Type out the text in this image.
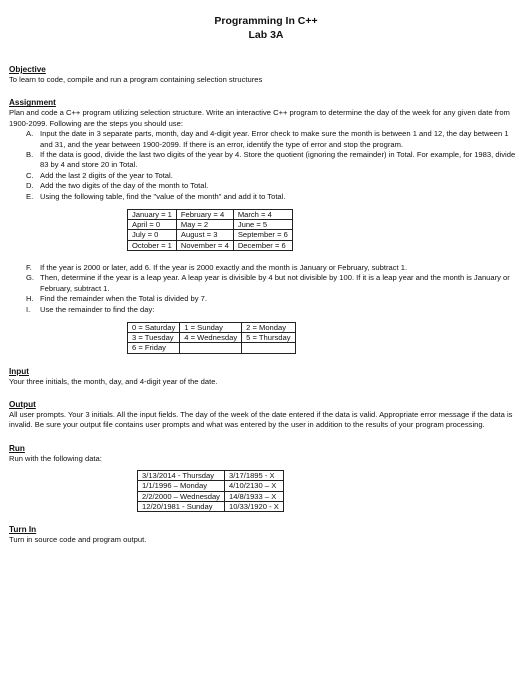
Programming In C++
Lab 3A
Objective

To learn to code, compile and run a program containing selection structures

Assignment

Plan and code a C++ program utilizing selection structure. Write an interactive C++ program to determine the day of the week for any given date from 1900-2099. Following are the steps you should use:

A. Input the date in 3 separate parts, month, day and 4-digit year. Error check to make sure the month is between 1 and 12, the day between 1 and 31, and the year between 1900-2099. If there is an error, identify the type of error and stop the program.
B. If the data is good, divide the last two digits of the year by 4. Store the quotient (ignoring the remainder) in Total. For example, for 1983, divide 83 by 4 and store 20 in Total.
C. Add the last 2 digits of the year to Total.
D. Add the two digits of the day of the month to Total.
E. Using the following table, find the "value of the month" and add it to Total.
January = 1	February = 4	March = 4
April = 0	May = 2	June = 5
July = 0	August = 3	September = 6
October = 1	November = 4	December = 6
F. If the year is 2000 or later, add 6. If the year is 2000 exactly and the month is January or February, subtract 1.
G. Then, determine if the year is a leap year. A leap year is divisible by 4 but not divisible by 100. If it is a leap year and the month is January or February, subtract 1.
H. Find the remainder when the Total is divided by 7.
I. Use the remainder to find the day:
0 = Saturday	1 = Sunday	2 = Monday
3 = Tuesday	4 = Wednesday	5 = Thursday
6 = Friday		
Input

Your three initials, the month, day, and 4-digit year of the date.

Output

All user prompts. Your 3 initials. All the input fields. The day of the week of the date entered if the data is valid. Appropriate error message if the data is invalid. Be sure your output file contains user prompts and what was entered by the user in addition to the results of your program processing.

Run

Run with the following data:

3/13/2014 - Thursday	3/17/1895 - X
1/1/1996 – Monday	4/10/2130 – X
2/2/2000 – Wednesday	14/8/1933 – X
12/20/1981 - Sunday	10/33/1920 - X
Turn In

Turn in source code and program output.
